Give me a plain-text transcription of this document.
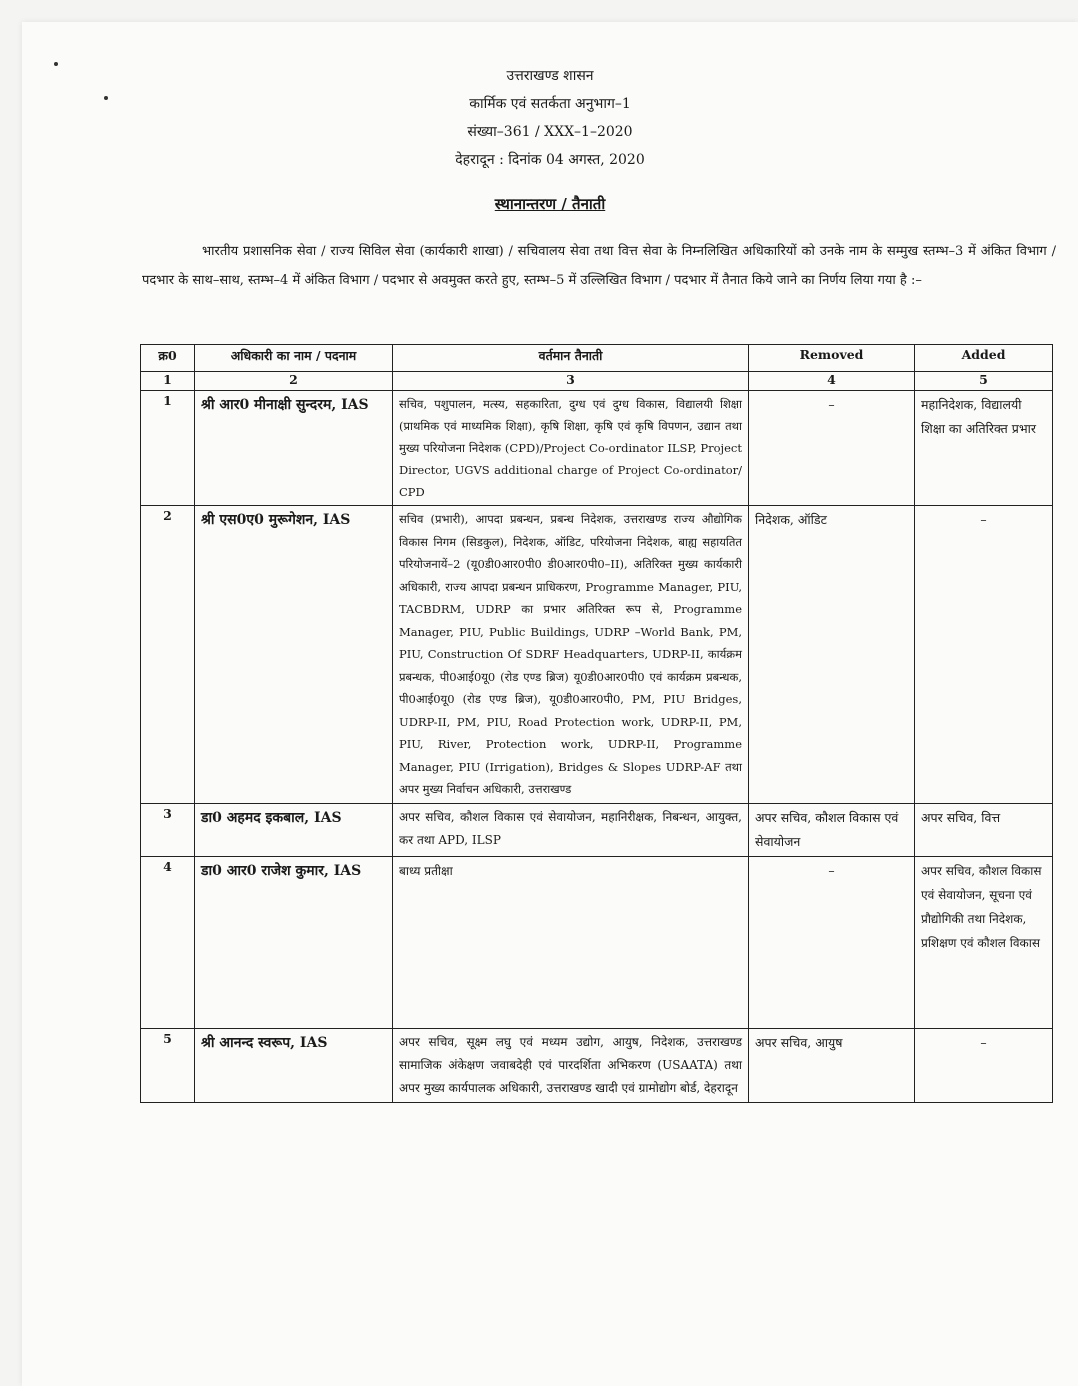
उत्तराखण्ड शासन
कार्मिक एवं सतर्कता अनुभाग–1
संख्या–361 / XXX–1–2020
देहरादून : दिनांक 04 अगस्त, 2020
स्थानान्तरण / तैनाती
भारतीय प्रशासनिक सेवा / राज्य सिविल सेवा (कार्यकारी शाखा) / सचिवालय सेवा तथा वित्त सेवा के निम्नलिखित अधिकारियों को उनके नाम के सम्मुख स्तम्भ–3 में अंकित विभाग / पदभार के साथ–साथ, स्तम्भ–4 में अंकित विभाग / पदभार से अवमुक्त करते हुए, स्तम्भ–5 में उल्लिखित विभाग / पदभार में तैनात किये जाने का निर्णय लिया गया है :–
क्र0	अधिकारी का नाम / पदनाम	वर्तमान तैनाती	Removed	Added
1	2	3	4	5
1	श्री आर0 मीनाक्षी सुन्दरम, IAS	सचिव, पशुपालन, मत्स्य, सहकारिता, दुग्ध एवं दुग्ध विकास, विद्यालयी शिक्षा (प्राथमिक एवं माध्यमिक शिक्षा), कृषि शिक्षा, कृषि एवं कृषि विपणन, उद्यान तथा मुख्य परियोजना निदेशक (CPD)/Project Co-ordinator ILSP, Project Director, UGVS additional charge of Project Co-ordinator/ CPD	–	महानिदेशक, विद्यालयी शिक्षा का अतिरिक्त प्रभार
2	श्री एस0ए0 मुरूगेशन, IAS	सचिव (प्रभारी), आपदा प्रबन्धन, प्रबन्ध निदेशक, उत्तराखण्ड राज्य औद्योगिक विकास निगम (सिडकुल), निदेशक, ऑडिट, परियोजना निदेशक, बाह्य सहायतित परियोजनायें–2 (यू0डी0आर0पी0 डी0आर0पी0–II), अतिरिक्त मुख्य कार्यकारी अधिकारी, राज्य आपदा प्रबन्धन प्राधिकरण, Programme Manager, PIU, TACBDRM, UDRP का प्रभार अतिरिक्त रूप से, Programme Manager, PIU, Public Buildings, UDRP –World Bank, PM, PIU, Construction Of SDRF Headquarters, UDRP-II, कार्यक्रम प्रबन्धक, पी0आई0यू0 (रोड एण्ड ब्रिज) यू0डी0आर0पी0 एवं कार्यक्रम प्रबन्धक, पी0आई0यू0 (रोड एण्ड ब्रिज), यू0डी0आर0पी0, PM, PIU Bridges, UDRP-II, PM, PIU, Road Protection work, UDRP-II, PM, PIU, River, Protection work, UDRP-II, Programme Manager, PIU (Irrigation), Bridges & Slopes UDRP-AF तथा अपर मुख्य निर्वाचन अधिकारी, उत्तराखण्ड	निदेशक, ऑडिट	–
3	डा0 अहमद इकबाल, IAS	अपर सचिव, कौशल विकास एवं सेवायोजन, महानिरीक्षक, निबन्धन, आयुक्त, कर तथा APD, ILSP	अपर सचिव, कौशल विकास एवं सेवायोजन	अपर सचिव, वित्त
4	डा0 आर0 राजेश कुमार, IAS	बाध्य प्रतीक्षा	–	अपर सचिव, कौशल विकास एवं सेवायोजन, सूचना एवं प्रौद्योगिकी तथा निदेशक, प्रशिक्षण एवं कौशल विकास
5	श्री आनन्द स्वरूप, IAS	अपर सचिव, सूक्ष्म लघु एवं मध्यम उद्योग, आयुष, निदेशक, उत्तराखण्ड सामाजिक अंकेक्षण जवाबदेही एवं पारदर्शिता अभिकरण (USAATA) तथा अपर मुख्य कार्यपालक अधिकारी, उत्तराखण्ड खादी एवं ग्रामोद्योग बोर्ड, देहरादून	अपर सचिव, आयुष	–
